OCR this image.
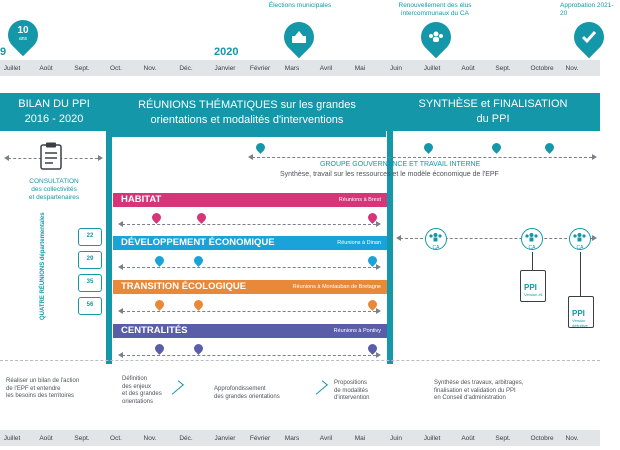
Juillet	Août	Sept.	Oct.	Nov.	Déc.	Janvier Février Mars	Avril	Mai	Juin	Juillet	Août	Sept.	Octobre Nov.
9	2020
Juillet	Août	Sept.	Oct.	Nov.	Déc.	Janvier Février Mars	Avril	Mai	Juin	Juillet	Août	Sept.	Octobre Nov.
10
ans
Élections municipales	Renouvellement des élus intercommunaux du CA
Approbation 2021-20
BILAN DU PPI
2016 - 2020
RÉUNIONS THÉMATIQUES sur les grandes
orientations et modalités d'interventions
SYNTHÈSE et FINALISATION
du PPI
CONSULTATION
des collectivités
et despartenaires
GROUPE GOUVERNANCE ET TRAVAIL INTERNE
Synthèse, travail sur les ressources et le modèle économique de l'EPF
HABITAT	Réunions à Brest
DÉVELOPPEMENT ÉCONOMIQUE	Réunions à Dinan
TRANSITION ÉCOLOGIQUE	Réunions à Montauban de Bretagne
CENTRALITÉS	Réunions à Pontivy
QUATRE RÉUNIONS départementales	22
29
35
56
CA	CA	CA
PPI
Version #1
PPI
Version définitive
Réaliser un bilan de l'action
de l'EPF et entendre
les besoins des territoires
Définition
des enjeux
et des grandes
orientations
Approfondissement
des grandes orientations
Propositions
de modalités
d'intervention
Synthèse des travaux, arbitrages,
finalisation et validation du PPI
en Conseil d'administration
